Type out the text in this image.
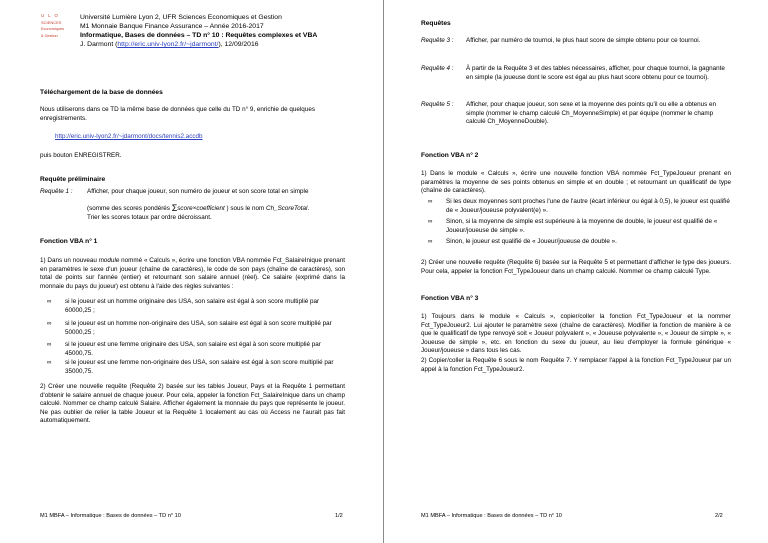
U L O
SCIENCES
Economiques
& Gestion
Université Lumière Lyon 2, UFR Sciences Economiques et Gestion
M1 Monnaie Banque Finance Assurance – Année 2016-2017
Informatique, Bases de données – TD n° 10 : Requêtes complexes et VBA
J. Darmont (http://eric.univ-lyon2.fr/~jdarmont/), 12/09/2016
Téléchargement de la base de données
Nous utiliserons dans ce TD la même base de données que celle du TD n° 9, enrichie de quelques enregistrements.
http://eric.univ-lyon2.fr/~jdarmont/docs/tennis2.accdb
puis bouton ENREGISTRER.
Requête préliminaire
Requête 1 : Afficher, pour chaque joueur, son numéro de joueur et son score total en simple
(somme des scores pondérés Σscore×coefficient ) sous le nom Ch_ScoreTotal.
Trier les scores totaux par ordre décroissant.
Fonction VBA n° 1
1) Dans un nouveau module nommé « Calculs », écrire une fonction VBA nommée Fct_SalaireInique prenant en paramètres le sexe d'un joueur (chaîne de caractères), le code de son pays (chaîne de caractères), son total de points sur l'année (entier) et retournant son salaire annuel (réel). Ce salaire (exprimé dans la monnaie du pays du joueur) est obtenu à l'aide des règles suivantes :
∞ si le joueur est un homme originaire des USA, son salaire est égal à son score multiplié par 60000,25 ;
∞ si le joueur est un homme non-originaire des USA, son salaire est égal à son score multiplié par 50000,25 ;
∞ si le joueur est une femme originaire des USA, son salaire est égal à son score multiplié par 45000,75.
∞ si le joueur est une femme non-originaire des USA, son salaire est égal à son score multiplié par 35000,75.
2) Créer une nouvelle requête (Requête 2) basée sur les tables Joueur, Pays et la Requête 1 permettant d'obtenir le salaire annuel de chaque joueur. Pour cela, appeler la fonction Fct_SalaireInique dans un champ calculé. Nommer ce champ calculé Salaire. Afficher également la monnaie du pays que représente le joueur. Ne pas oublier de relier la table Joueur et la Requête 1 localement au cas où Access ne l'aurait pas fait automatiquement.
M1 MBFA – Informatique : Bases de données – TD n° 10	1/2
Requêtes
Requête 3 : Afficher, par numéro de tournoi, le plus haut score de simple obtenu pour ce tournoi.
Requête 4 : À partir de la Requête 3 et des tables nécessaires, afficher, pour chaque tournoi, la gagnante en simple (la joueuse dont le score est égal au plus haut score obtenu pour ce tournoi).
Requête 5 : Afficher, pour chaque joueur, son sexe et la moyenne des points qu'il ou elle a obtenus en simple (nommer le champ calculé Ch_MoyenneSimple) et par équipe (nommer le champ calculé Ch_MoyenneDouble).
Fonction VBA n° 2
1) Dans le module « Calculs », écrire une nouvelle fonction VBA nommée Fct_TypeJoueur prenant en paramètres la moyenne de ses points obtenus en simple et en double ; et retournant un qualificatif de type (chaîne de caractères).
∞ Si les deux moyennes sont proches l'une de l'autre (écart inférieur ou égal à 0,5), le joueur est qualifié de « Joueur/joueuse polyvalent(e) ».
∞ Sinon, si la moyenne de simple est supérieure à la moyenne de double, le joueur est qualifié de « Joueur/joueuse de simple ».
∞ Sinon, le joueur est qualifié de « Joueur/joueuse de double ».
2) Créer une nouvelle requête (Requête 6) basée sur la Requête 5 et permettant d'afficher le type des joueurs. Pour cela, appeler la fonction Fct_TypeJoueur dans un champ calculé. Nommer ce champ calculé Type.
Fonction VBA n° 3
1) Toujours dans le module « Calculs », copier/coller la fonction Fct_TypeJoueur et la nommer Fct_TypeJoueur2. Lui ajouter le paramètre sexe (chaîne de caractères). Modifier la fonction de manière à ce que le qualificatif de type renvoyé soit « Joueur polyvalent », « Joueuse polyvalente », « Joueur de simple », « Joueuse de simple », etc. en fonction du sexe du joueur, au lieu d'employer la formule générique « Joueur/joueuse » dans tous les cas.
2) Copier/coller la Requête 6 sous le nom Requête 7. Y remplacer l'appel à la fonction Fct_TypeJoueur par un appel à la fonction Fct_TypeJoueur2.
M1 MBFA – Informatique : Bases de données – TD n° 10	2/2
